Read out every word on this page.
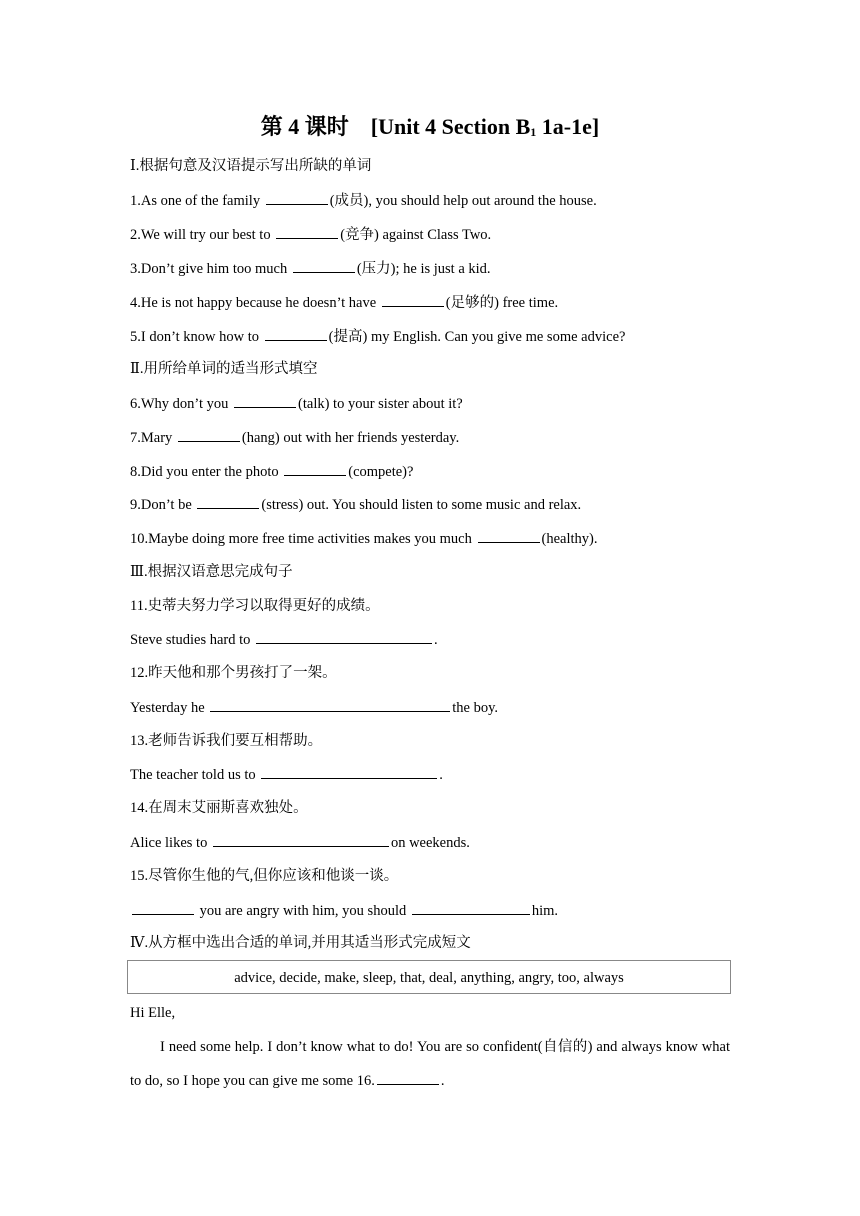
第 4 课时 [Unit 4 Section $B_1$ 1a-1e]
Ⅰ.根据句意及汉语提示写出所缺的单词
1.As one of the family	(成员), you should help out around the house.
2.We will try our best to	(竞争) against Class Two.
3.Don’t give him too much	(压力); he is just a kid.
4.He is not happy because he doesn’t have	(足够的) free time.
5.I don’t know how to	(提高) my English. Can you give me some advice?
Ⅱ.用所给单词的适当形式填空
6.Why don’t you	(talk) to your sister about it?
7.Mary	(hang) out with her friends yesterday.
8.Did you enter the photo	(compete)?
9.Don’t be	(stress) out. You should listen to some music and relax.
10.Maybe doing more free time activities makes you much	(healthy).
Ⅲ.根据汉语意思完成句子
11.史蒂夫努力学习以取得更好的成绩。
Steve studies hard to	.
12.昨天他和那个男孩打了一架。
Yesterday he	the boy.
13.老师告诉我们要互相帮助。
The teacher told us to	.
14.在周末艾丽斯喜欢独处。
Alice likes to	on weekends.
15.尽管你生他的气,但你应该和他谈一谈。
you are angry with him, you should	him.
Ⅳ.从方框中选出合适的单词,并用其适当形式完成短文
advice, decide, make, sleep, that, deal, anything, angry, too, always
Hi Elle,
I need some help. I don’t know what to do! You are so confident(自信的) and always know what to do, so I hope you can give me some 16.	.
